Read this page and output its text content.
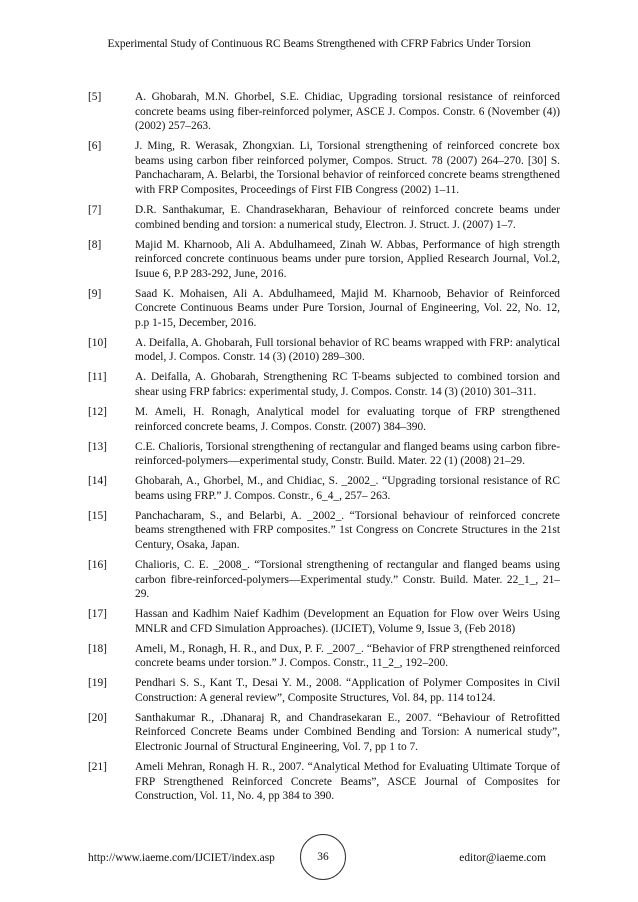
Experimental Study of Continuous RC Beams Strengthened with CFRP Fabrics Under Torsion
[5]	A. Ghobarah, M.N. Ghorbel, S.E. Chidiac, Upgrading torsional resistance of reinforced concrete beams using fiber-reinforced polymer, ASCE J. Compos. Constr. 6 (November (4)) (2002) 257–263.
[6]	J. Ming, R. Werasak, Zhongxian. Li, Torsional strengthening of reinforced concrete box beams using carbon fiber reinforced polymer, Compos. Struct. 78 (2007) 264–270. [30] S. Panchacharam, A. Belarbi, the Torsional behavior of reinforced concrete beams strengthened with FRP Composites, Proceedings of First FIB Congress (2002) 1–11.
[7]	D.R. Santhakumar, E. Chandrasekharan, Behaviour of reinforced concrete beams under combined bending and torsion: a numerical study, Electron. J. Struct. J. (2007) 1–7.
[8]	Majid M. Kharnoob, Ali A. Abdulhameed, Zinah W. Abbas, Performance of high strength reinforced concrete continuous beams under pure torsion, Applied Research Journal, Vol.2, Isuue 6, P.P 283-292, June, 2016.
[9]	Saad K. Mohaisen, Ali A. Abdulhameed, Majid M. Kharnoob, Behavior of Reinforced Concrete Continuous Beams under Pure Torsion, Journal of Engineering, Vol. 22, No. 12, p.p 1-15, December, 2016.
[10]	A. Deifalla, A. Ghobarah, Full torsional behavior of RC beams wrapped with FRP: analytical model, J. Compos. Constr. 14 (3) (2010) 289–300.
[11]	A. Deifalla, A. Ghobarah, Strengthening RC T-beams subjected to combined torsion and shear using FRP fabrics: experimental study, J. Compos. Constr. 14 (3) (2010) 301–311.
[12]	M. Ameli, H. Ronagh, Analytical model for evaluating torque of FRP strengthened reinforced concrete beams, J. Compos. Constr. (2007) 384–390.
[13]	C.E. Chalioris, Torsional strengthening of rectangular and flanged beams using carbon fibre-reinforced-polymers—experimental study, Constr. Build. Mater. 22 (1) (2008) 21–29.
[14]	Ghobarah, A., Ghorbel, M., and Chidiac, S. _2002_. “Upgrading torsional resistance of RC beams using FRP.” J. Compos. Constr., 6_4_, 257– 263.
[15]	Panchacharam, S., and Belarbi, A. _2002_. “Torsional behaviour of reinforced concrete beams strengthened with FRP composites.” 1st Congress on Concrete Structures in the 21st Century, Osaka, Japan.
[16]	Chalioris, C. E. _2008_. “Torsional strengthening of rectangular and flanged beams using carbon fibre-reinforced-polymers—Experimental study.” Constr. Build. Mater. 22_1_, 21–29.
[17]	Hassan and Kadhim Naief Kadhim (Development an Equation for Flow over Weirs Using MNLR and CFD Simulation Approaches). (IJCIET), Volume 9, Issue 3, (Feb 2018)
[18]	Ameli, M., Ronagh, H. R., and Dux, P. F. _2007_. “Behavior of FRP strengthened reinforced concrete beams under torsion.” J. Compos. Constr., 11_2_, 192–200.
[19]	Pendhari S. S., Kant T., Desai Y. M., 2008. “Application of Polymer Composites in Civil Construction: A general review”, Composite Structures, Vol. 84, pp. 114 to124.
[20]	Santhakumar R., .Dhanaraj R, and Chandrasekaran E., 2007. “Behaviour of Retrofitted Reinforced Concrete Beams under Combined Bending and Torsion: A numerical study”, Electronic Journal of Structural Engineering, Vol. 7, pp 1 to 7.
[21]	Ameli Mehran, Ronagh H. R., 2007. “Analytical Method for Evaluating Ultimate Torque of FRP Strengthened Reinforced Concrete Beams”, ASCE Journal of Composites for Construction, Vol. 11, No. 4, pp 384 to 390.
http://www.iaeme.com/IJCIET/index.asp	36	editor@iaeme.com
